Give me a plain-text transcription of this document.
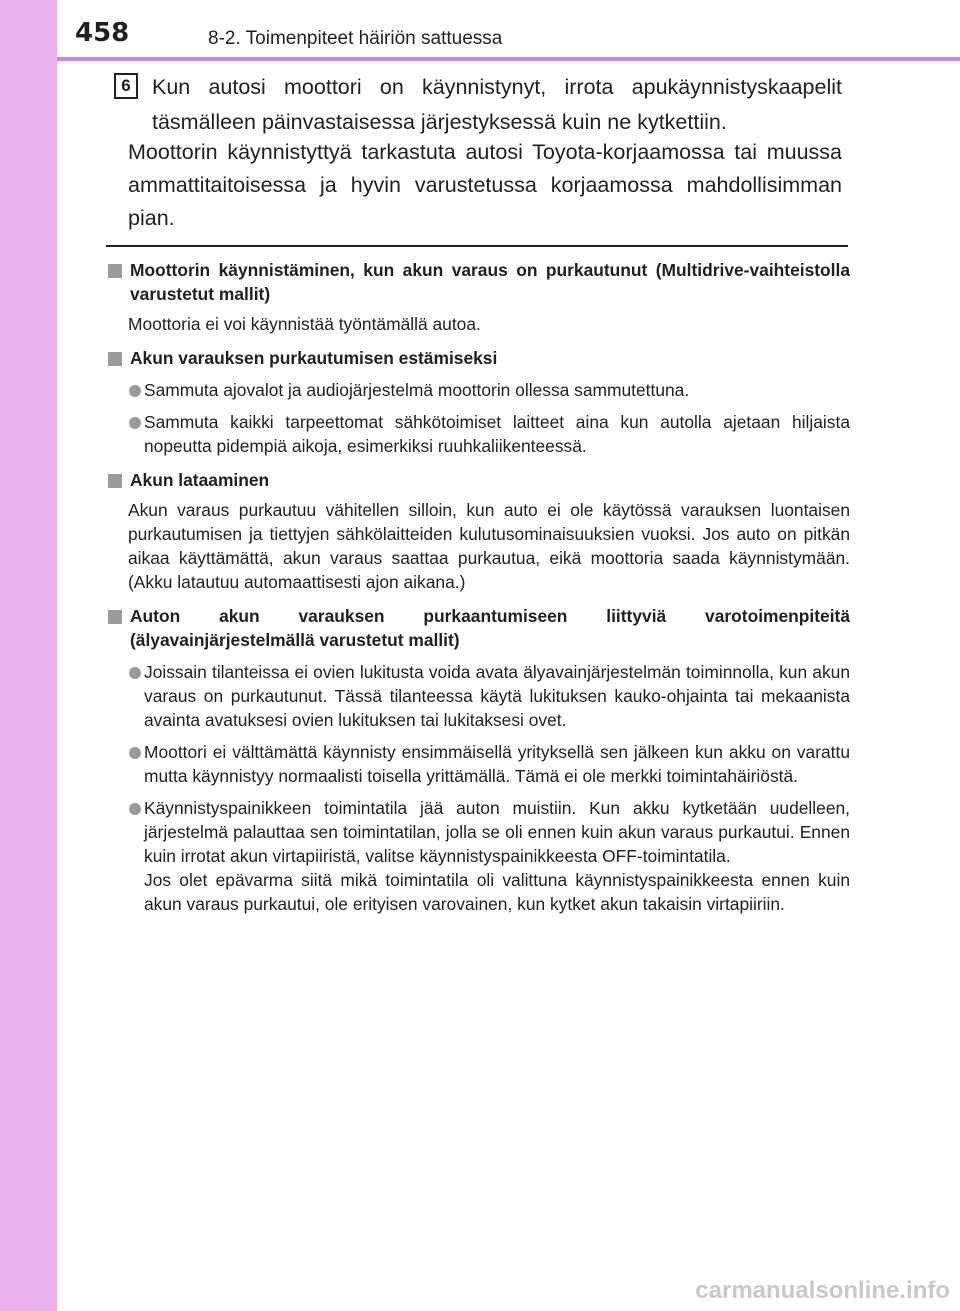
458	8-2. Toimenpiteet häiriön sattuessa
6 Kun autosi moottori on käynnistynyt, irrota apukäynnistyskaapelit täsmälleen päinvastaisessa järjestyksessä kuin ne kytkettiin.
Moottorin käynnistyttyä tarkastuta autosi Toyota-korjaamossa tai muussa ammattitaitoisessa ja hyvin varustetussa korjaamossa mahdollisimman pian.
Moottorin käynnistäminen, kun akun varaus on purkautunut (Multidrive-vaihteistolla varustetut mallit)
Moottoria ei voi käynnistää työntämällä autoa.
Akun varauksen purkautumisen estämiseksi
Sammuta ajovalot ja audiojärjestelmä moottorin ollessa sammutettuna.
Sammuta kaikki tarpeettomat sähkötoimiset laitteet aina kun autolla ajetaan hiljaista nopeutta pidempiä aikoja, esimerkiksi ruuhkaliikenteessä.
Akun lataaminen
Akun varaus purkautuu vähitellen silloin, kun auto ei ole käytössä varauksen luontaisen purkautumisen ja tiettyjen sähkölaitteiden kulutusominaisuuksien vuoksi. Jos auto on pitkän aikaa käyttämättä, akun varaus saattaa purkautua, eikä moottoria saada käynnistymään. (Akku latautuu automaattisesti ajon aikana.)
Auton akun varauksen purkaantumiseen liittyviä varotoimenpiteitä (älyavainjärjestelmällä varustetut mallit)
Joissain tilanteissa ei ovien lukitusta voida avata älyavainjärjestelmän toiminnolla, kun akun varaus on purkautunut. Tässä tilanteessa käytä lukituksen kauko-ohjainta tai mekaanista avainta avatuksesi ovien lukituksen tai lukitaksesi ovet.
Moottori ei välttämättä käynnisty ensimmäisellä yrityksellä sen jälkeen kun akku on varattu mutta käynnistyy normaalisti toisella yrittämällä. Tämä ei ole merkki toimintahäiriöstä.
Käynnistyspainikkeen toimintatila jää auton muistiin. Kun akku kytketään uudelleen, järjestelmä palauttaa sen toimintatilan, jolla se oli ennen kuin akun varaus purkautui. Ennen kuin irrotat akun virtapiiristä, valitse käynnistyspainikkeesta OFF-toimintatila.
Jos olet epävarma siitä mikä toimintatila oli valittuna käynnistyspainikkeesta ennen kuin akun varaus purkautui, ole erityisen varovainen, kun kytket akun takaisin virtapiiriin.
carmanualsonline.info
